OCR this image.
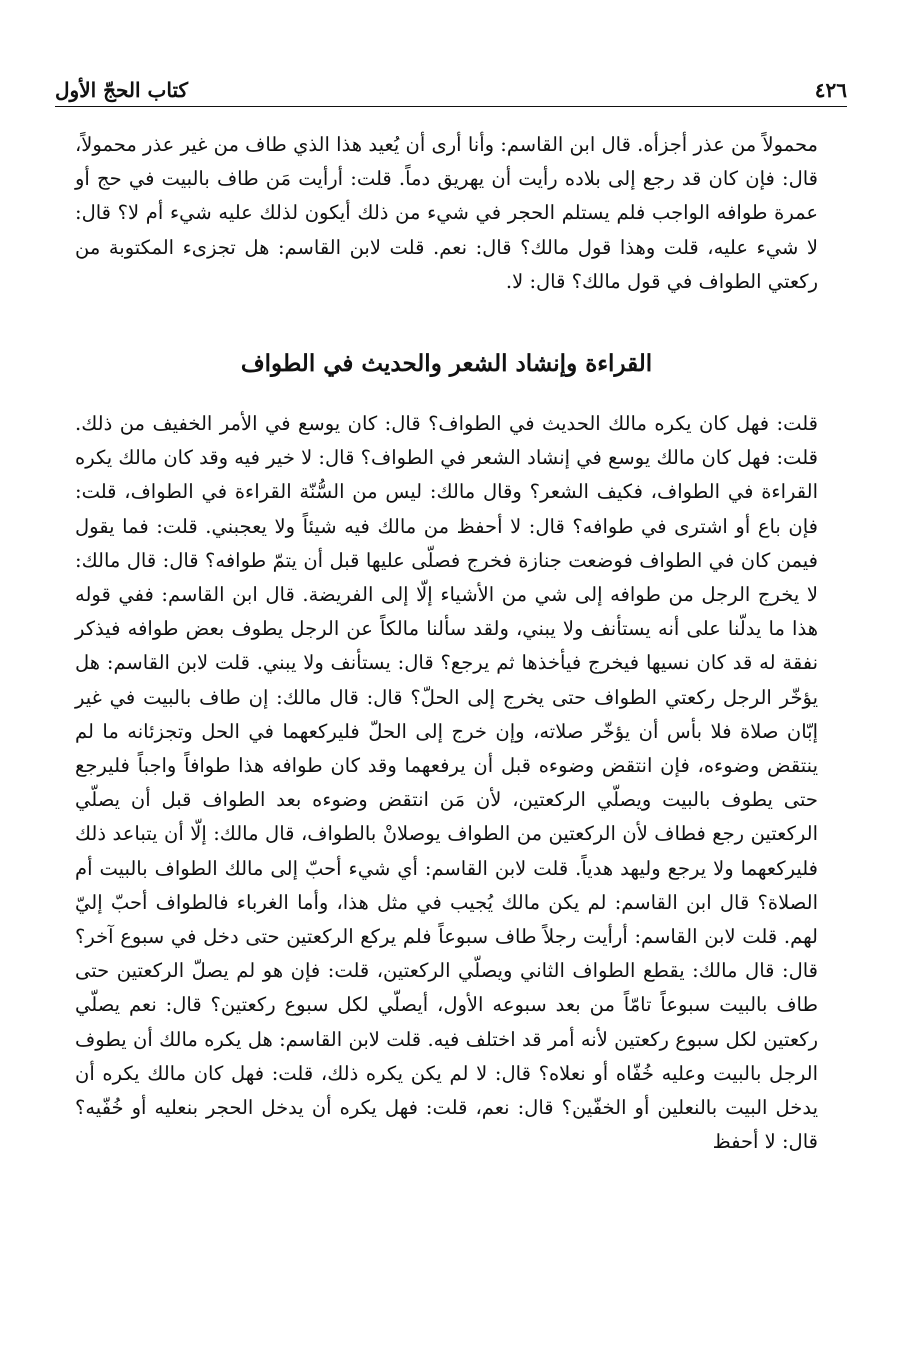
٤٢٦
كتاب الحجّ الأول

محمولاً من عذر أجزأه. قال ابن القاسم: وأنا أرى أن يُعيد هذا الذي طاف من غير عذر محمولاً، قال: فإن كان قد رجع إلى بلاده رأيت أن يهريق دماً. قلت: أرأيت مَن طاف بالبيت في حج أو عمرة طوافه الواجب فلم يستلم الحجر في شيء من ذلك أيكون لذلك عليه شيء أم لا؟ قال: لا شيء عليه، قلت وهذا قول مالك؟ قال: نعم. قلت لابن القاسم: هل تجزىء المكتوبة من ركعتي الطواف في قول مالك؟ قال: لا.

القراءة وإنشاد الشعر والحديث في الطواف

قلت: فهل كان يكره مالك الحديث في الطواف؟ قال: كان يوسع في الأمر الخفيف من ذلك. قلت: فهل كان مالك يوسع في إنشاد الشعر في الطواف؟ قال: لا خير فيه وقد كان مالك يكره القراءة في الطواف، فكيف الشعر؟ وقال مالك: ليس من السُّنّة القراءة في الطواف، قلت: فإن باع أو اشترى في طوافه؟ قال: لا أحفظ من مالك فيه شيئاً ولا يعجبني. قلت: فما يقول فيمن كان في الطواف فوضعت جنازة فخرج فصلّى عليها قبل أن يتمّ طوافه؟ قال: قال مالك: لا يخرج الرجل من طوافه إلى شي من الأشياء إلّا إلى الفريضة. قال ابن القاسم: ففي قوله هذا ما يدلّنا على أنه يستأنف ولا يبني، ولقد سألنا مالكاً عن الرجل يطوف بعض طوافه فيذكر نفقة له قد كان نسيها فيخرج فيأخذها ثم يرجع؟ قال: يستأنف ولا يبني. قلت لابن القاسم: هل يؤخّر الرجل ركعتي الطواف حتى يخرج إلى الحلّ؟ قال: قال مالك: إن طاف بالبيت في غير إبّان صلاة فلا بأس أن يؤخّر صلاته، وإن خرج إلى الحلّ فليركعهما في الحل وتجزئانه ما لم ينتقض وضوءه، فإن انتقض وضوءه قبل أن يرفعهما وقد كان طوافه هذا طوافاً واجباً فليرجع حتى يطوف بالبيت ويصلّي الركعتين، لأن مَن انتقض وضوءه بعد الطواف قبل أن يصلّي الركعتين رجع فطاف لأن الركعتين من الطواف يوصلانْ بالطواف، قال مالك: إلّا أن يتباعد ذلك فليركعهما ولا يرجع وليهد هدياً. قلت لابن القاسم: أي شيء أحبّ إلى مالك الطواف بالبيت أم الصلاة؟ قال ابن القاسم: لم يكن مالك يُجيب في مثل هذا، وأما الغرباء فالطواف أحبّ إليّ لهم. قلت لابن القاسم: أرأيت رجلاً طاف سبوعاً فلم يركع الركعتين حتى دخل في سبوع آخر؟ قال: قال مالك: يقطع الطواف الثاني ويصلّي الركعتين، قلت: فإن هو لم يصلّ الركعتين حتى طاف بالبيت سبوعاً تامّاً من بعد سبوعه الأول، أيصلّي لكل سبوع ركعتين؟ قال: نعم يصلّي ركعتين لكل سبوع ركعتين لأنه أمر قد اختلف فيه. قلت لابن القاسم: هل يكره مالك أن يطوف الرجل بالبيت وعليه خُفّاه أو نعلاه؟ قال: لا لم يكن يكره ذلك، قلت: فهل كان مالك يكره أن يدخل البيت بالنعلين أو الخفّين؟ قال: نعم، قلت: فهل يكره أن يدخل الحجر بنعليه أو خُفّيه؟ قال: لا أحفظ
